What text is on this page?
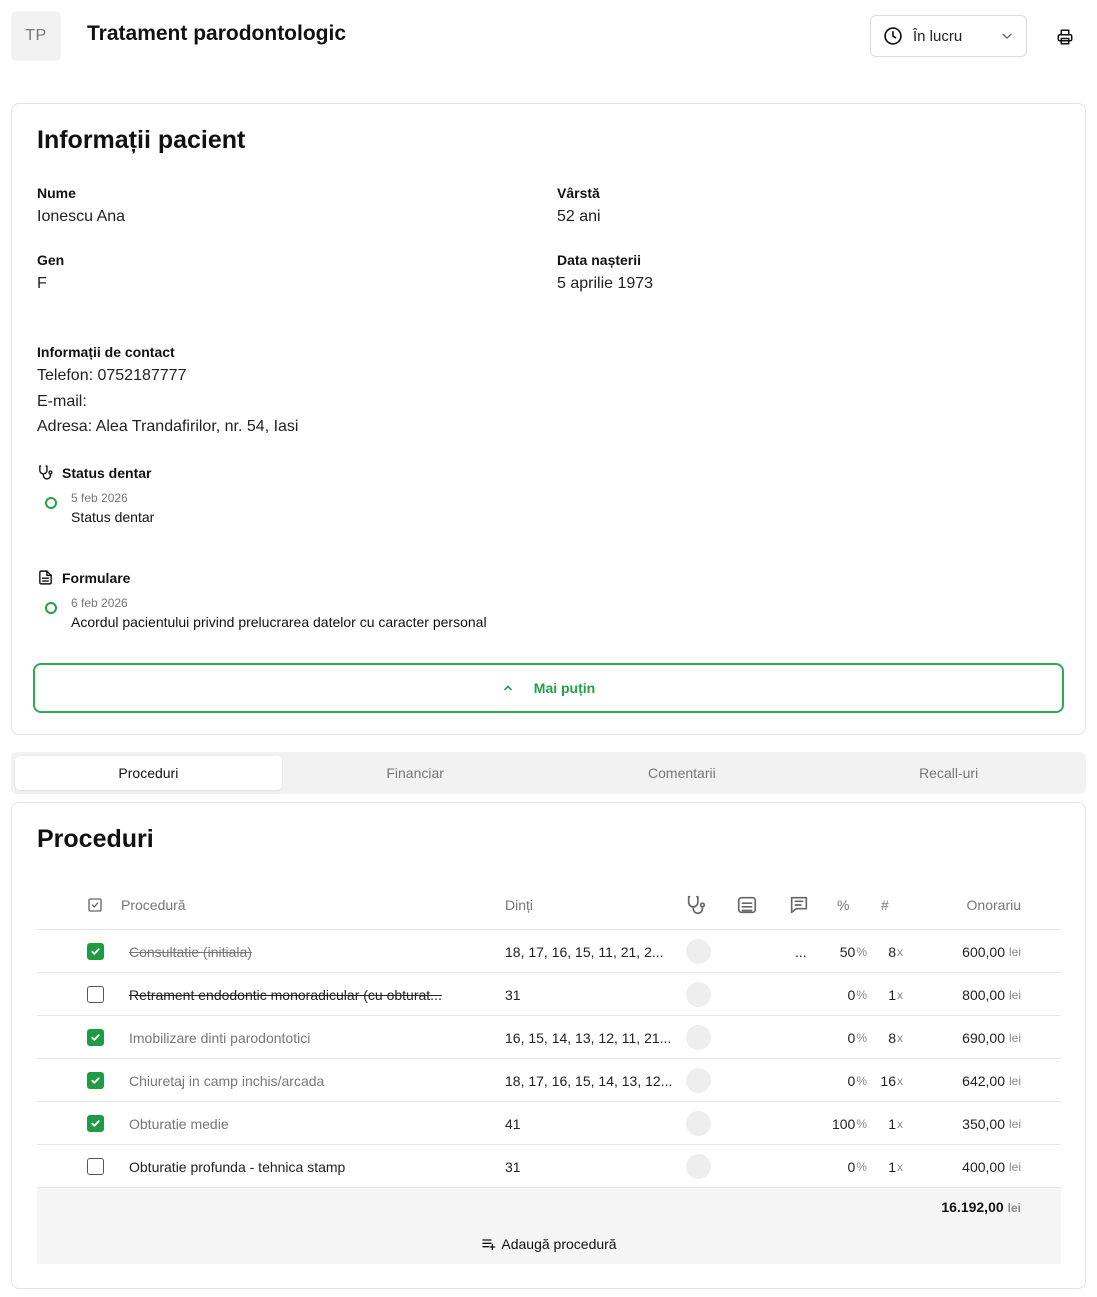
TP	Tratament parodontologic	În lucru
Informații pacient
Nume
Ionescu Ana
Vârstă
52 ani
Gen
F
Data nașterii
5 aprilie 1973
Informații de contact
Telefon: 0752187777
E-mail:
Adresa: Alea Trandafirilor, nr. 54, Iasi
Status dentar
5 feb 2026
Status dentar
Formulare
6 feb 2026
Acordul pacientului privind prelucrarea datelor cu caracter personal
Mai puțin
Proceduri	Financiar	Comentarii	Recall-uri
Proceduri
Procedură	Dinți	% #	Onorariu
Consultatie (initiala)	18, 17, 16, 15, 11, 21, 2...	... 50 % 8 x	600,00 lei
Retrament endodontic monoradicular (cu obturat...	31	0 % 1 x	800,00 lei
Imobilizare dinti parodontotici	16, 15, 14, 13, 12, 11, 21...	0 % 8 x	690,00 lei
Chiuretaj in camp inchis/arcada	18, 17, 16, 15, 14, 13, 12...	0 % 16 x	642,00 lei
Obturatie medie	41	100 % 1 x	350,00 lei
Obturatie profunda - tehnica stamp	31	0 % 1 x	400,00 lei
16.192,00 lei
Adaugă procedură
